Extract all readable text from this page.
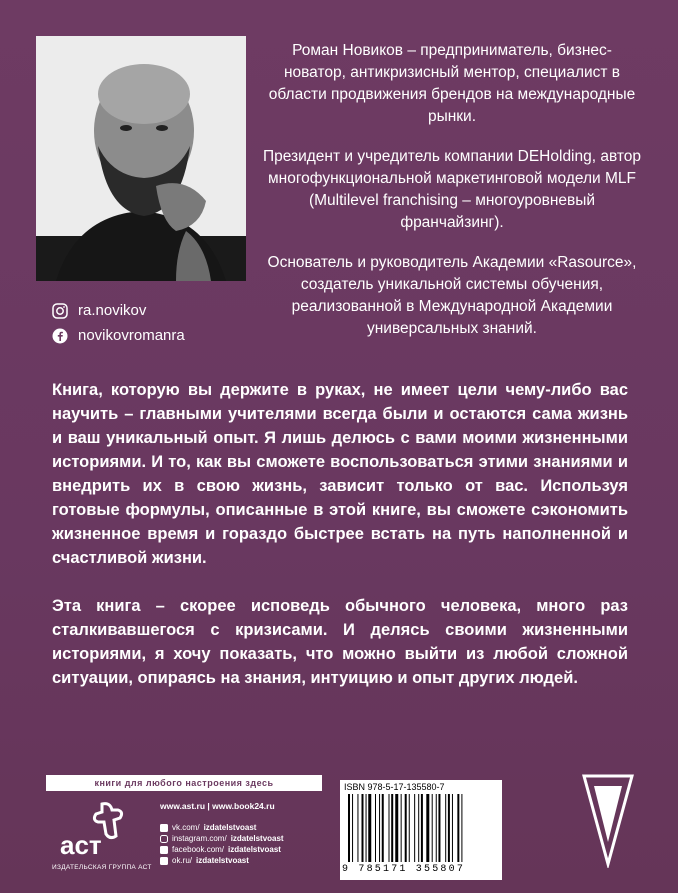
ra.novikov
novikovromanra

Роман Новиков – предприниматель, бизнес-новатор, антикризисный ментор, специалист в области продвижения брендов на международные рынки.

Президент и учредитель компании DEHolding, автор многофункциональной маркетинговой модели MLF (Multilevel franchising – многоуровневый франчайзинг).

Основатель и руководитель Академии «Rasource», создатель уникальной системы обучения, реализованной в Международной Академии универсальных знаний.

Книга, которую вы держите в руках, не имеет цели чему-либо вас научить – главными учителями всегда были и остаются сама жизнь и ваш уникальный опыт. Я лишь делюсь с вами моими жизненными историями. И то, как вы сможете воспользоваться этими знаниями и внедрить их в свою жизнь, зависит только от вас. Используя готовые формулы, описанные в этой книге, вы сможете сэкономить жизненное время и гораздо быстрее встать на путь наполненной и счастливой жизни.

Эта книга – скорее исповедь обычного человека, много раз сталкивавшегося с кризисами. И делясь своими жизненными историями, я хочу показать, что можно выйти из любой сложной ситуации, опираясь на знания, интуицию и опыт других людей.

книги для любого настроения здесь
аст
ИЗДАТЕЛЬСКАЯ ГРУППА АСТ
www.ast.ru | www.book24.ru
vk.com/ izdatelstvoast
instagram.com/ izdatelstvoast
facebook.com/ izdatelstvoast
ok.ru/ izdatelstvoast
ISBN 978-5-17-135580-7
9 785171 355807
